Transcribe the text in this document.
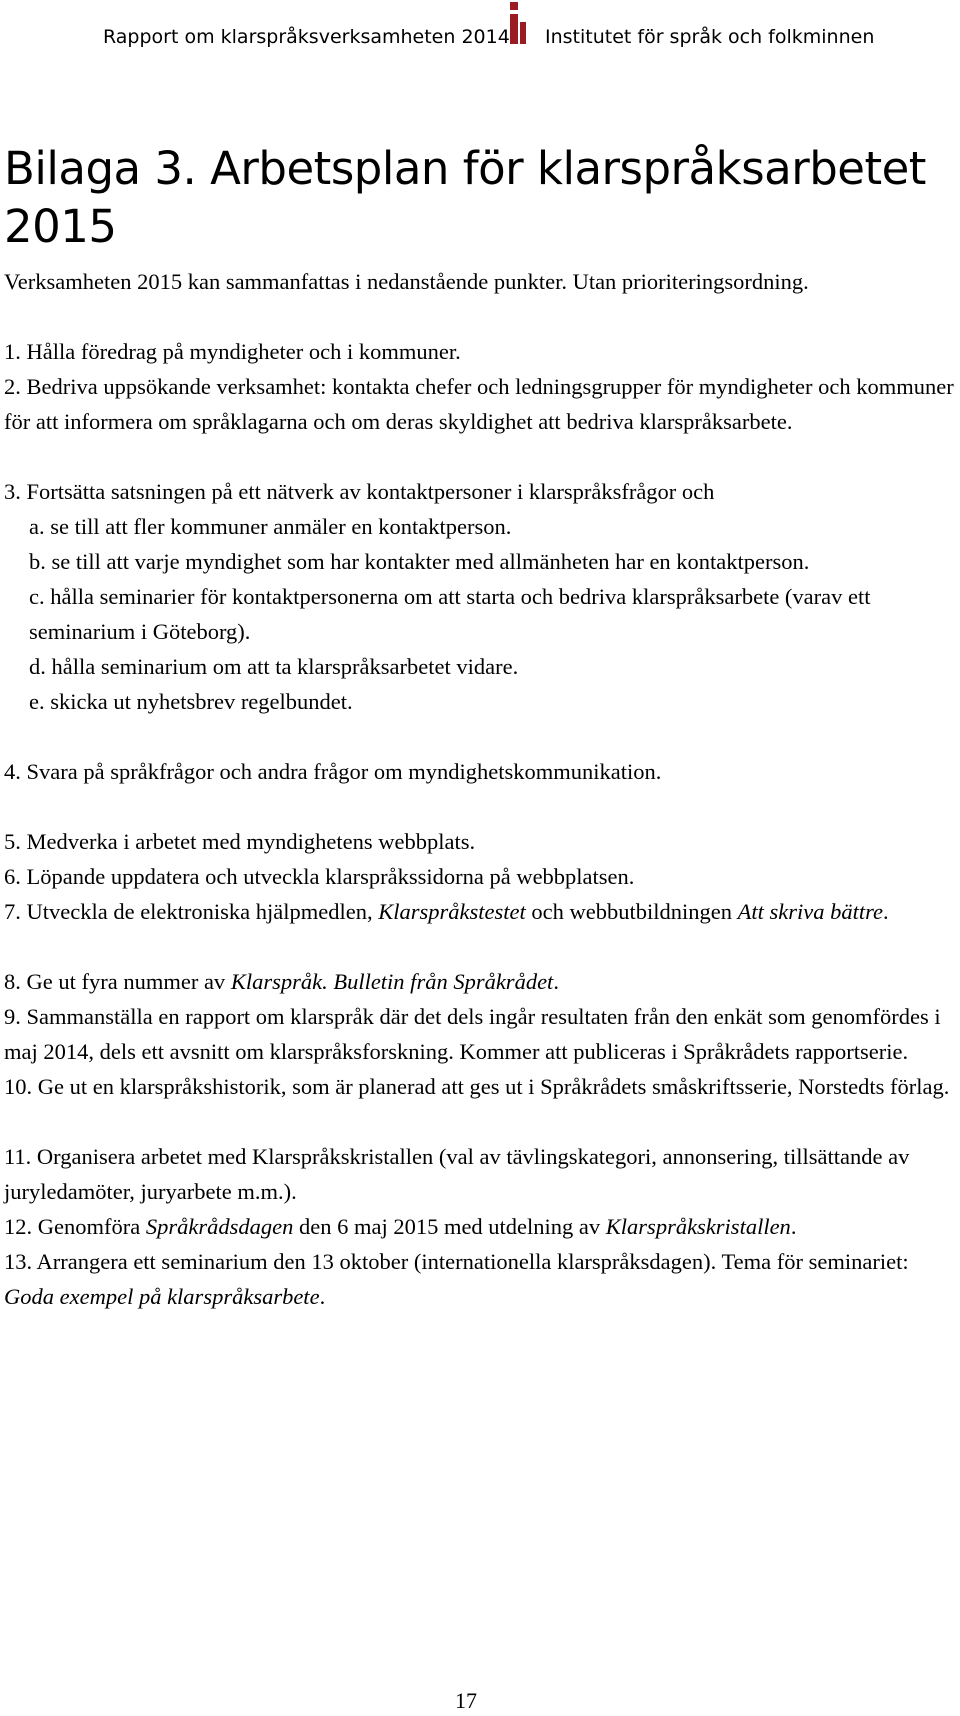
Rapport om klarspråksverksamheten 2014 Institutet för språk och folkminnen
Bilaga 3. Arbetsplan för klarspråksarbetet 2015

Verksamheten 2015 kan sammanfattas i nedanstående punkter. Utan prioriteringsordning.

1. Hålla föredrag på myndigheter och i kommuner.

2. Bedriva uppsökande verksamhet: kontakta chefer och ledningsgrupper för myndigheter och kommuner för att informera om språklagarna och om deras skyldighet att bedriva klarspråksarbete.

3. Fortsätta satsningen på ett nätverk av kontaktpersoner i klarspråksfrågor och

a. se till att fler kommuner anmäler en kontaktperson.

b. se till att varje myndighet som har kontakter med allmänheten har en kontaktperson.

c. hålla seminarier för kontaktpersonerna om att starta och bedriva klarspråksarbete (varav ett seminarium i Göteborg).

d. hålla seminarium om att ta klarspråksarbetet vidare.

e. skicka ut nyhetsbrev regelbundet.

4. Svara på språkfrågor och andra frågor om myndighetskommunikation.

5. Medverka i arbetet med myndighetens webbplats.

6. Löpande uppdatera och utveckla klarspråkssidorna på webbplatsen.

7. Utveckla de elektroniska hjälpmedlen, Klarspråkstestet och webbutbildningen Att skriva bättre.

8. Ge ut fyra nummer av Klarspråk. Bulletin från Språkrådet.

9. Sammanställa en rapport om klarspråk där det dels ingår resultaten från den enkät som genomfördes i maj 2014, dels ett avsnitt om klarspråksforskning. Kommer att publiceras i Språkrådets rapportserie.

10. Ge ut en klarspråkshistorik, som är planerad att ges ut i Språkrådets småskriftsserie, Norstedts förlag.

11. Organisera arbetet med Klarspråkskristallen (val av tävlingskategori, annonsering, tillsättande av juryledamöter, juryarbete m.m.).

12. Genomföra Språkrådsdagen den 6 maj 2015 med utdelning av Klarspråkskristallen.

13. Arrangera ett seminarium den 13 oktober (internationella klarspråksdagen). Tema för seminariet: Goda exempel på klarspråksarbete.

17
